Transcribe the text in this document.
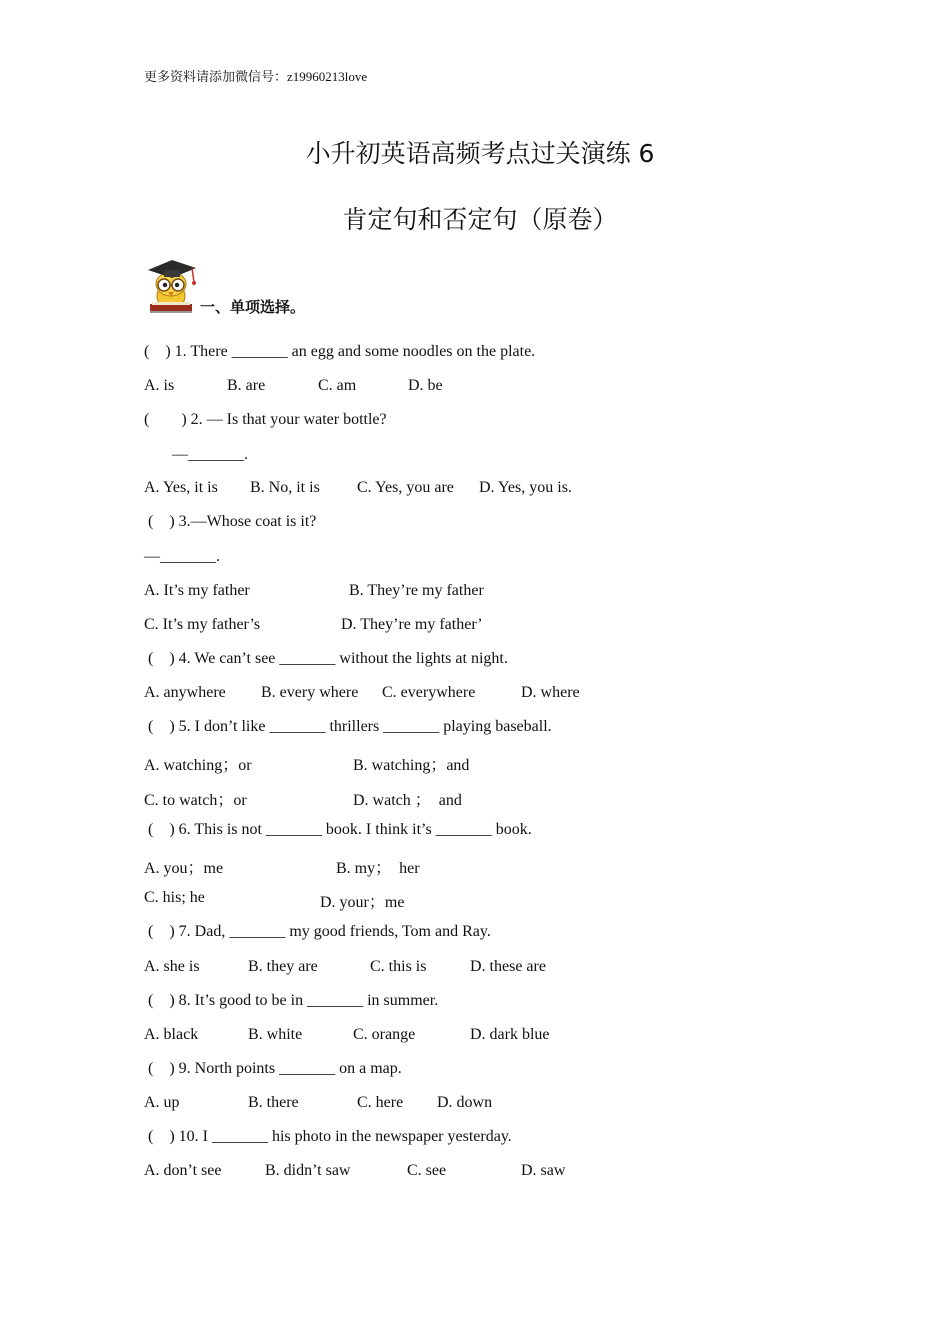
更多资料请添加微信号：z19960213love
小升初英语高频考点过关演练 6
肯定句和否定句（原卷）
一、单项选择。
(    ) 1. There _______ an egg and some noodles on the plate.
A. is	B. are	C. am	D. be
(        ) 2. — Is that your water bottle?
—_______.
A. Yes, it is B. No, it is C. Yes, you are D. Yes, you is.
(    ) 3.—Whose coat is it?
—_______.
A. It’s my father	B. They’re my father
C. It’s my father’s	D. They’re my father’
(    ) 4. We can’t see _______ without the lights at night.
A. anywhere B. every where C. everywhere	D. where
(    ) 5. I don’t like _______ thrillers _______ playing baseball.
A. watching；or	B. watching；and
C. to watch；or	D. watch ；  and
(    ) 6. This is not _______ book. I think it’s _______ book.
A. you；me	B. my；  her
C. his; he	D. your；me
(    ) 7. Dad, _______ my good friends, Tom and Ray.
A. she is	B. they are	C. this is	D. these are
(    ) 8. It’s good to be in _______ in summer.
A. black	B. white	C. orange	D. dark blue
(    ) 9. North points _______ on a map.
A. up	B. there	C. here D. down
(    ) 10. I _______ his photo in the newspaper yesterday.
A. don’t see	B. didn’t saw	C. see	D. saw
